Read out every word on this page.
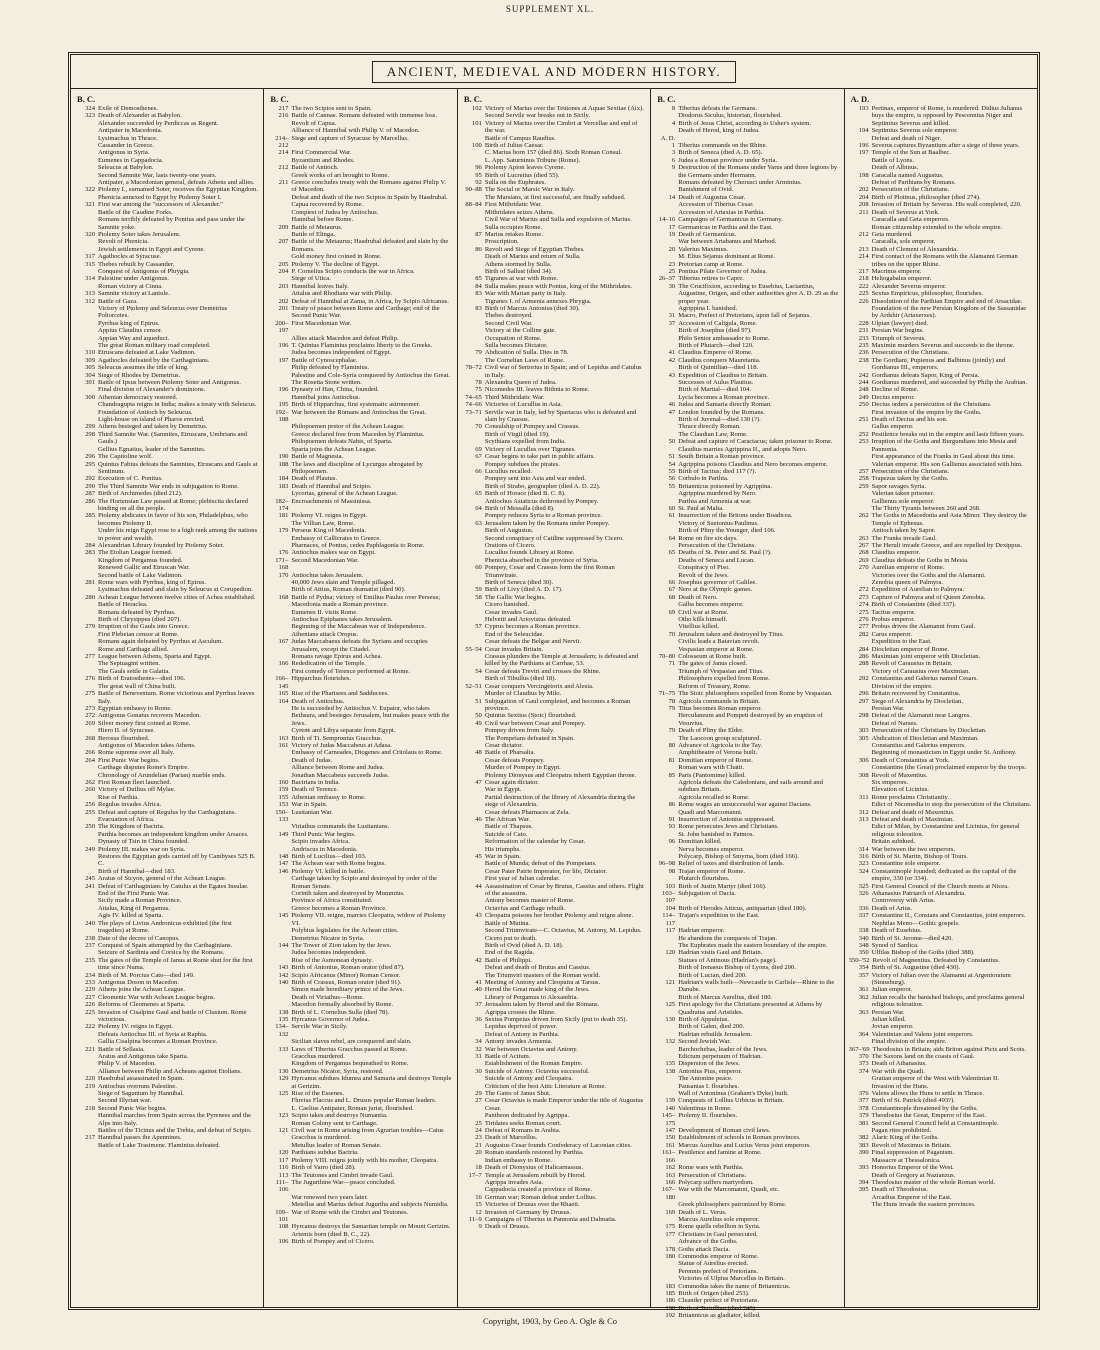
SUPPLEMENT XL.
ANCIENT, MEDIEVAL AND MODERN HISTORY.
B. C.
324 Exile of Demosthenes.
323 Death of Alexander at Babylon.
Alexander succeeded by Perdiccas as Regent.
Antipater in Macedonia.
Lysimachus in Thrace.
Cassander in Greece.
Antigonus in Syria.
Eumenes in Cappadocia.
Seleucus at Babylon.
Second Samnite War, lasts twenty-one years.
Antipater, a Macedonian general, defeats Athens and allies.
322 Ptolemy I., surnamed Soter, receives the Egyptian Kingdom.
Phenicia annexed to Egypt by Ptolemy Soter I.
321 First war among the "successors of Alexander."
Battle of the Caudine Forks.
Romans terribly defeated by Pontius and pass under the Samnite yoke.
320 Ptolemy Soter takes Jerusalem.
Revolt of Phenicia.
Jewish settlements in Egypt and Cyrene.
317 Agathocles at Syracuse.
315 Thebes rebuilt by Cassander.
Conquest of Antigonus of Phrygia.
314 Palestine under Antigonus.
Roman victory at Cinna.
313 Samnite victory at Lantule.
312 Battle of Gaza.
Victory of Ptolemy and Seleucus over Demetrius Poliorcetes.
Pyrrhus king of Epirus.
Appius Claudius censor.
Appian Way and aqueduct.
The great Roman military road completed.
310 Etruscans defeated at Lake Vadimon.
309 Agathocles defeated by the Carthaginians.
305 Seleucus assumes the title of king.
304 Siege of Rhodes by Demetrius.
301 Battle of Ipsus between Ptolemy Soter and Antigonus.
Final division of Alexander's dominions.
300 Athenian democracy restored.
Chandragupta reigns in India; makes a treaty with Seleucus.
Foundation of Antioch by Seleucus.
Light-house on island of Pharos erected.
299 Athens besieged and taken by Demetrius.
298 Third Samnite War. (Samnites, Etruscans, Umbrians and Gauls.)
Gellius Egnatius, leader of the Samnites.
296 The Capitoline wolf.
295 Quintus Fabius defeats the Samnites, Etruscans and Gauls at Sentinum.
292 Execution of C. Pontius.
290 The Third Samnite War ends in subjugation to Rome.
287 Birth of Archimedes (died 212).
286 The Hortensian Law passed at Rome; plebiscita declared binding on all the people.
285 Ptolemy abdicates in favor of his son, Philadelphus, who becomes Ptolemy II.
Under his reign Egypt rose to a high rank among the nations in power and wealth.
284 Alexandrian Library founded by Ptolemy Soter.
283 The Etolian League formed.
Kingdom of Pergamus founded.
Renewed Gallic and Etruscan War.
Second battle of Lake Vadimon.
281 Rome wars with Pyrrhus, king of Epirus.
Lysimachus defeated and slain by Seleucus at Corupedion.
280 Achean League between twelve cities of Achea established.
Battle of Heraclea.
Romans defeated by Pyrrhus.
Birth of Chrysippus (died 207).
279 Irruption of the Gauls into Greece.
First Plebeian censor at Rome.
Romans again defeated by Pyrrhus at Asculum.
Rome and Carthage allied.
277 League between Athens, Sparta and Egypt.
The Septuagint written.
The Gauls settle in Galatia.
276 Birth of Eratosthenes—died 196.
The great wall of China built.
275 Battle of Beneventum. Rome victorious and Pyrrhus leaves Italy.
273 Egyptian embassy to Rome.
272 Antigonus Gonatus recovers Macedon.
269 Silver money first coined at Rome.
Hiero II. of Syracuse.
268 Berosus flourished.
Antigonus of Macedon takes Athens.
266 Rome supreme over all Italy.
264 First Punic War begins.
Carthage disputes Rome's Empire.
Chronology of Arundelian (Parian) marble ends.
262 First Roman fleet launched.
260 Victory of Duilius off Mylae.
Rise of Parthia.
256 Regulus invades Africa.
255 Defeat and capture of Regulus by the Carthaginians.
Evacuation of Africa.
250 The Kingdom of Bactria.
Parthia becomes an independent kingdom under Arsaces.
Dynasty of Tsin in China founded.
249 Ptolemy III. makes war on Syria.
Restores the Egyptian gods carried off by Cambyses 525 B. C.
Birth of Hannibal—died 183.
245 Aratus of Sicyon, general of the Achean League.
241 Defeat of Carthaginians by Catulus at the Egates Insulae.
End of the First Punic War.
Sicily made a Roman Province.
Attalus, King of Pergamus.
Agis IV. killed at Sparta.
240 The plays of Livius Andronicus exhibited (the first tragedies) at Rome.
238 Date of the decree of Canopus.
237 Conquest of Spain attempted by the Carthaginians.
Seizure of Sardinia and Corsica by the Romans.
235 The gates of the Temple of Janus at Rome shut for the first time since Numa.
234 Birth of M. Porcius Cato—died 149.
233 Antigonus Doson in Macedon.
229 Athens joins the Achean League.
227 Cleomenic War with Achean League begins.
226 Reforms of Cleomenes at Sparta.
225 Invasion of Cisalpine Gaul and battle of Clusium. Rome victorious.
222 Ptolemy IV. reigns in Egypt.
Defeats Antiochus III. of Syria at Raphia.
Gallia Cisalpina becomes a Roman Province.
221 Battle of Sellasia.
Aratus and Antigonus take Sparta.
Philip V. of Macedon.
Alliance between Philip and Acheans against Etolians.
220 Hasdrubal assassinated in Spain.
219 Antiochus overruns Palestine.
Siege of Saguntum by Hannibal.
Second Illyrian war.
218 Second Punic War begins.
Hannibal marches from Spain across the Pyrenees and the Alps into Italy.
Battles of the Ticinus and the Trebia, and defeat of Scipio.
217 Hannibal passes the Apennines.
Battle of Lake Trasimene. Flaminius defeated.
B. C.
217 The two Scipios sent to Spain.
216 Battle of Cannae. Romans defeated with immense loss.
Revolt of Capua.
Alliance of Hannibal with Philip V. of Macedon.
214–212
Siege and capture of Syracuse by Marcellus.
214 First Commercial War.
Byzantium and Rhodes.
212 Battle of Antioch.
Greek works of art brought to Rome.
211 Greece concludes treaty with the Romans against Philip V. of Macedon.
Defeat and death of the two Scipios in Spain by Hasdrubal.
Capua recovered by Rome.
Conquest of Judea by Antiochus.
Hannibal before Rome.
209 Battle of Metaurus.
Battle of Elinga.
207 Battle of the Metaurus; Hasdrubal defeated and slain by the Romans.
Gold money first coined in Rome.
205 Ptolemy V. The decline of Egypt.
204 P. Cornelius Scipio conducts the war in Africa.
Siege of Utica.
203 Hannibal leaves Italy.
Attalus and Rhodians war with Philip.
202 Defeat of Hannibal at Zama, in Africa, by Scipio Africanus.
201 Treaty of peace between Rome and Carthage; end of the Second Punic War.
200–197
First Macedonian War.
Allies attack Macedon and defeat Philip.
196 T. Quintus Flaminius proclaims liberty to the Greeks.
Judea becomes independent of Egypt.
197 Battle of Cynoscephalae.
Philip defeated by Flaminius.
Palestine and Cole-Syria conquered by Antiochus the Great.
The Rosetta Stone written.
196 Dynasty of Han, China, founded.
Hannibal joins Antiochus.
195 Birth of Hipparchus, first systematic astronomer.
192–188
War between the Romans and Antiochus the Great.
Philopoemen pretor of the Achean League.
Greece declared free from Macedon by Flaminius.
Philopoemen defeats Nabis, of Sparta.
Sparta joins the Achean League.
190 Battle of Magnesia.
188 The laws and discipline of Lycurgus abrogated by Philopoemen.
184 Death of Plautus.
183 Death of Hannibal and Scipio.
Lycortas, general of the Achean League.
182–174
Encroachments of Massinissa.
181 Ptolemy VI. reigns in Egypt.
The Villian Law, Rome.
179 Perseus King of Macedonia.
Embassy of Callicrates to Greece.
Pharnaces, of Pontus, cedes Paphlagonia to Rome.
176 Antiochus makes war on Egypt.
171–168
Second Macedonian War.
170 Antiochus takes Jerusalem.
40,000 Jews slain and Temple pillaged.
Birth of Attius, Roman dramatist (died 90).
168 Battle of Pydna; victory of Emilius Paulus over Perseus; Macedonia made a Roman province.
Eumenes II. visits Rome.
Antiochus Epiphanes takes Jerusalem.
Beginning of the Maccabean war of Independence.
Athenians attack Oropus.
167 Judas Maccabaeus defeats the Syrians and occupies Jerusalem, except the Citadel.
Romans ravage Epirus and Achea.
166 Rededication of the Temple.
First comedy of Terence performed at Rome.
166–145
Hipparchus flourishes.
165 Rise of the Pharisees and Sadducees.
164 Death of Antiochus.
He is succeeded by Antiochus V. Eupator, who takes Bethsura, and besieges Jerusalem, but makes peace with the Jews.
Cyrene and Libya separate from Egypt.
163 Birth of Ti. Sempronius Gracchus.
161 Victory of Judas Maccabeus at Adasa.
Embassy of Carneades, Diogenes and Critolaus to Rome.
Death of Judas.
Alliance between Rome and Judea.
Jonathan Maccabeus succeeds Judas.
160 Bactrians in India.
159 Death of Terence.
155 Athenian embassy to Rome.
153 War in Spain.
150–133
Lusitanian War.
Viriathus commands the Lusitanians.
149 Third Punic War begins.
Scipio invades Africa.
Andriscus in Macedonia.
148 Birth of Lucilius—died 103.
147 The Achean war with Rome begins.
146 Ptolemy VI. killed in battle.
Carthage taken by Scipio and destroyed by order of the Roman Senate.
Corinth taken and destroyed by Mummius.
Province of Africa constituted.
Greece becomes a Roman Province.
145 Ptolemy VII. reigns, marries Cleopatra, widow of Ptolemy VI.
Polybius legislates for the Achean cities.
Demetrius Nicator in Syria.
144 The Tower of Zion taken by the Jews.
Judea becomes independent.
Rise of the Asmonean dynasty.
143 Birth of Antonius, Roman orator (died 87).
142 Scipio Africanus (Minor) Roman Censor.
140 Birth of Crassus, Roman orator (died 91).
Simon made hereditary prince of the Jews.
Death of Viriathus—Rome.
Macedon formally absorbed by Rome.
138 Birth of L. Cornelius Sulla (died 78).
135 Hyrcanus Governor of Judea.
134–132
Servile War in Sicily.
Sicilian slaves rebel, are conquered and slain.
133 Laws of Tiberius Gracchus passed at Rome.
Gracchus murdered.
Kingdom of Pergamus bequeathed to Rome.
130 Demetrius Nicator, Syria, restored.
129 Hyrcanus subdues Idumea and Samaria and destroys Temple at Gerizim.
125 Rise of the Essenes.
Fluvius Flaccus and L. Drusus popular Roman leaders.
L. Caelius Antipater, Roman jurist, flourished.
123 Scipio takes and destroys Numantia.
Roman Colony sent to Carthage.
121 Civil war in Rome arising from Agrarian troubles—Caius Gracchus is murdered.
Metullus leader of Roman Senate.
120 Parthians subdue Bactria.
117 Ptolemy VIII. reigns jointly with his mother, Cleopatra.
116 Birth of Varro (died 28).
113 The Teutones and Cimbri invade Gaul.
111–106
The Jugurthine War—peace concluded.
War renewed two years later.
Metellus and Marius defeat Jugurtha and subjects Numidia.
109–101
War of Rome with the Cimbri and Teutones.
108 Hyrcanus destroys the Samaritan temple on Mount Gerizim.
Artemis born (died B. C., 22).
106 Birth of Pompey and of Cicero.
B. C.
102 Victory of Marius over the Teutones at Aquae Sextiae (Aix).
Second Servile war breaks out in Sicily.
101 Victory of Marius over the Cimbri at Vercellae and end of the war.
Battle of Campus Raudius.
100 Birth of Julius Caesar.
C. Marius born 157 (died 86). Sixth Roman Consul.
L. App. Saturninus Tribune (Rome).
96 Ptolemy Apion leaves Cyrene.
95 Birth of Lucretius (died 55).
92 Sulla on the Euphrates.
90–88 The Social or Marsic War in Italy.
The Marsians, at first successful, are finally subdued.
88–84 First Mithridatic War.
Mithridates seizes Athens.
Civil War of Marius and Sulla and expulsion of Marius.
Sulla occupies Rome.
87 Marius retakes Rome.
Proscription.
86 Revolt and Siege of Egyptian Thebes.
Death of Marius and return of Sulla.
Athens stormed by Sulla.
Birth of Sallust (died 34).
85 Tigranes at war with Rome.
84 Sulla makes peace with Pontus, king of the Mithridates.
83 War with Marian party in Italy.
Tigranes I. of Armenia annexes Phrygia.
83 Birth of Marcus Antonius (died 30).
Thebes destroyed.
Second Civil War.
Victory at the Colline gate.
Occupation of Rome.
Sulla becomes Dictator.
79 Abdication of Sulla. Dies in 78.
The Cornelian Laws of Rome.
78–72 Civil war of Sertorius in Spain; and of Lepidus and Catulus in Italy.
78 Alexandra Queen of Judea.
75 Nicomedes III. leaves Bithnia to Rome.
74–65 Third Mithridatic War.
74–66 Victories of Lucullus in Asia.
73–71 Servile war in Italy, led by Spartacus who is defeated and slain by Crassus.
70 Consulship of Pompey and Crassus.
Birth of Virgil (died 19).
Scythians expelled from India.
69 Victory of Lucullus over Tigranes.
67 Cesar begins to take part in public affairs.
Pompey subdues the pirates.
66 Lucullus recalled.
Pompey sent into Asia and war ended.
Birth of Strabo, geographer (died A. D. 22).
65 Birth of Horace (died B. C. 8).
Antiochus Asiaticus dethroned by Pompey.
64 Birth of Messalla (died 8).
Pompey reduces Syria to a Roman province.
63 Jerusalem taken by the Romans under Pompey.
Birth of Augustus.
Second conspiracy of Catiline suppressed by Cicero.
Orations of Cicero.
Lucullus founds Library at Rome.
Phenicia absorbed in the province of Syria.
60 Pompey, Cesar and Crassus form the first Roman Triumvirate.
Birth of Seneca (died 30).
59 Birth of Livy (died A. D. 17).
58 The Gallic War begins.
Cicero banished.
Cesar invades Gaul.
Helvetii and Ariovistus defeated.
57 Cyprus becomes a Roman province.
End of the Seleucidae.
Cesar defeats the Belgae and Nervii.
55–54 Cesar invades Britain.
Crassus plunders the Temple at Jerusalem; is defeated and killed by the Parthians at Carrhae, 53.
54 Cesar defeats Treviri and crosses the Rhine.
Birth of Tibullus (died 18).
52–51 Cesar conquers Vercingetorix and Alesia.
Murder of Claudius by Milo.
51 Subjugation of Gaul completed, and becomes a Roman province.
50 Quintus Sextius (Stoic) flourished.
49 Civil war between Cesar and Pompey.
Pompey driven from Italy.
The Pompeians defeated in Spain.
Cesar dictator.
48 Battle of Pharsalia.
Cesar defeats Pompey.
Murder of Pompey in Egypt.
Ptolemy Dionysus and Cleopatra inherit Egyptian throne.
47 Cesar again dictator.
War in Egypt.
Partial destruction of the library of Alexandria during the siege of Alexandria.
Cesar defeats Pharnaces at Zela.
46 The African War.
Battle of Thapsus.
Suicide of Cato.
Reformation of the calendar by Cesar.
His triumphs.
45 War in Spain.
Battle of Munda; defeat of the Pompeians.
Cesar Pater Patrie Imperator, for life, Dictator.
First year of Julian calendar.
44 Assassination of Cesar by Brutus, Cassius and others. Flight of the assassins.
Antony becomes master of Rome.
Octavius and Carthage rebuilt.
43 Cleopatra poisons her brother Ptolemy and reigns alone.
Battle of Mutina.
Second Triumvirate—C. Octavius, M. Antony, M. Lepidus.
Cicero put to death.
Birth of Ovid (died A. D. 18).
End of the Ragida.
42 Battle of Philippi.
Defeat and death of Brutus and Cassius.
The Triumviri masters of the Roman world.
41 Meeting of Antony and Cleopatra at Tarsus.
40 Herod the Great made king of the Jews.
Library of Pergamus to Alexandria.
37 Jerusalem taken by Herod and the Romans.
Agrippa crosses the Rhine.
36 Sextus Pompeius driven from Sicily (put to death 35).
Lepidus deprived of power.
Defeat of Antony in Parthia.
34 Antony invades Armenia.
32 War between Octavius and Antony.
31 Battle of Actium.
Establishment of the Roman Empire.
30 Suicide of Antony. Octavius successful.
Suicide of Antony and Cleopatra.
Criticism of the best Attic Literature at Rome.
29 The Gates of Janus Shut.
27 Cesar Octavius is made Emperor under the title of Augustus Cesar.
Pantheon dedicated by Agrippa.
25 Tiridates seeks Roman court.
24 Defeat of Romans in Arabia.
23 Death of Marcellus.
21 Augustus Cesar founds Confederacy of Laconian cities.
20 Roman standards restored by Parthia.
Indian embassy to Rome.
18 Death of Dionysius of Halicarnassus.
17–7 Temple at Jerusalem rebuilt by Herod.
Agrippa invades Asia.
Cappadocia created a province of Rome.
16 German war; Roman defeat under Lollius.
15 Victories of Drusus over the Rhaeti.
12 Invasion of Germany by Drusus.
11–9 Campaigns of Tiberius in Pannonia and Dalmatia.
9 Death of Drusus.
B. C.
8 Tiberius defeats the Germans.
Diodorus Siculus, historian, flourished.
4 Birth of Jesus Christ, according to Usher's system.
Death of Herod, king of Judea.
A. D.
1 Tiberius commands on the Rhine.
3 Birth of Seneca (died A. D. 65).
6 Judea a Roman province under Syria.
9 Destruction of the Romans under Varus and three legions by the Germans under Hermann.
Romans defeated by Cherusci under Arminius.
Banishment of Ovid.
14 Death of Augustus Cesar.
Accession of Tiberius Cesar.
Accession of Artaxias in Parthia.
14–16 Campaigns of Germanicus in Germany.
17 Germanicus in Parthia and the East.
19 Death of Germanicus.
War between Artabanus and Marbod.
20 Valerius Maximus.
M. Elius Sejanus dominant at Rome.
23 Pretorian camp at Rome.
25 Pontius Pilate Governor of Judea.
26–37 Tiberius retires to Capre.
30 The Crucifixion, according to Eusebius, Lactantius, Augustine, Origen, and other authorities give A. D. 29 as the proper year.
Agrippina I. banished.
31 Macro, Prefect of Pretorians, upon fall of Sejanus.
37 Accession of Caligula, Rome.
Birth of Josephus (died 97).
Philo Senior ambassador to Rome.
Birth of Plutarch—died 120.
41 Claudius Emperor of Rome.
42 Claudius conquers Mauretania.
Birth of Quintilian—died 118.
43 Expedition of Claudius to Britain.
Successes of Aulus Plautius.
Birth of Martial—died 104.
Lycia becomes a Roman province.
46 Judea and Samaria directly Roman.
47 London founded by the Romans.
Birth of Juvenal—died 130 (?).
Thrace directly Roman.
The Claudian Law, Rome.
50 Defeat and capture of Caractacus; taken prisoner to Rome.
Claudius marries Agrippina II., and adopts Nero.
51 South Britain a Roman province.
54 Agrippina poisons Claudius and Nero becomes emperor.
55 Birth of Tacitus; died 117 (?).
56 Corbulo in Parthia.
55 Britannicus poisoned by Agrippina.
Agrippina murdered by Nero.
Parthia and Armenia at war.
60 St. Paul at Malta.
61 Insurrection of the Britons under Boadicea.
Victory of Suetonius Paulinus.
Birth of Pliny the Younger, died 106.
64 Rome on fire six days.
Persecution of the Christians.
65 Deaths of St. Peter and St. Paul (?).
Deaths of Seneca and Lucan.
Conspiracy of Piso.
Revolt of the Jews.
66 Josephus governor of Galilee.
67 Nero at the Olympic games.
68 Death of Nero.
Galba becomes emperor.
69 Civil war at Rome.
Otho kills himself.
Vitellius killed.
70 Jerusalem taken and destroyed by Titus.
Civilis leads a Batavian revolt.
Vespasian emperor at Rome.
70–80 Colosseum at Rome built.
71 The gates of Janus closed.
Triumph of Vespasian and Titus.
Philosophers expelled from Rome.
Reform of Treasury, Rome.
71–75 The Stoic philosophers expelled from Rome by Vespasian.
78 Agricola commands in Britain.
79 Titus becomes Roman emperor.
Herculaneum and Pompeii destroyed by an eruption of Vesuvius.
79 Death of Pliny the Elder.
The Laocoon group sculptured.
80 Advance of Agricola to the Tay.
Amphitheatre of Verona built.
81 Domitian emperor of Rome.
Roman wars with Chatti.
85 Paris (Pantomime) killed.
Agricola defeats the Caledonians, and sails around and subdues Britain.
Agricola recalled to Rome.
86 Rome wages an unsuccessful war against Dacians.
Quadi and Marcomanni.
91 Insurrection of Antonius suppressed.
93 Rome persecutes Jews and Christians.
St. John banished to Patmos.
96 Domitian killed.
Nerva becomes emperor.
Polycarp, Bishop of Smyrna, born (died 166).
96–98 Relief of taxes and distribution of lands.
98 Trajan emperor of Rome.
Plutarch flourishes.
103 Birth of Justin Martyr (died 166).
103–107
Subjugation of Dacia.
104 Birth of Herodes Atticus, antiquarian (died 180).
114–117
Trajan's expedition to the East.
117 Hadrian emperor.
He abandons the conquests of Trajan.
The Euphrates made the eastern boundary of the empire.
120 Hadrian visits Gaul and Britain.
Statues of Antinous (Hadrian's page).
Birth of Irenaeus Bishop of Lyons, died 200.
Birth of Lucian, died 200.
121 Hadrian's walls built—Newcastle to Carlisle—Rhine to the Danube.
Birth of Marcus Aurelius, died 180.
125 First apology for the Christians presented at Athens by Quadratus and Aristides.
130 Birth of Appuleius.
Birth of Galen, died 200.
Hadrian rebuilds Jerusalem.
132 Second Jewish War.
Barchochebas, leader of the Jews.
Edictum perpetuum of Hadrian.
135 Dispersion of the Jews.
138 Antonius Pius, emperor.
The Antonine peace.
Pausanias I. flourishes.
Wall of Antoninus (Graham's Dyke) built.
139 Conquests of Lollius Urbicus in Britain.
140 Valentinus in Rome.
145–175
Ptolemy II. flourishes.
147 Development of Roman civil laws.
150 Establishment of schools in Roman provinces.
161 Marcus Aurelius and Lucius Verus joint emperors.
161–166
Pestilence and famine at Rome.
162 Rome wars with Parthia.
163 Persecution of Christians.
166 Polycarp suffers martyrdom.
167–180
War with the Marcomanni, Quadi, etc.
Greek philosophers patronized by Rome.
169 Death of L. Verus.
Marcus Aurelius sole emperor.
175 Rome quells rebellion in Syria.
177 Christians in Gaul persecuted.
Advance of the Goths.
178 Goths attack Dacia.
180 Commodus emperor of Rome.
Statue of Aurelius erected.
Perennis prefect of Pretorians.
Victories of Ulpius Marcellus in Britain.
183 Commodus takes the name of Britannicus.
185 Birth of Origen (died 253).
186 Cleander prefect of Pretorians.
190 Birth of Tertullian (died 240).
192 Britannicus as gladiator, killed.
A. D.
193 Pertinax, emperor of Rome, is murdered. Didius Julianus buys the empire, is opposed by Pescennius Niger and Septimius Severus and killed.
194 Septimius Severus sole emperor.
Defeat and death of Niger.
196 Severus captures Byzantium after a siege of three years.
197 Temple of the Sun at Baalbec.
Battle of Lyons.
Death of Albinus.
198 Caracalla named Augustus.
Defeat of Parthians by Romans.
202 Persecution of the Christians.
204 Birth of Plotinus, philosopher (died 274).
208 Invasion of Britain by Severus. His wall completed, 220.
211 Death of Severus at York.
Caracalla and Geta emperors.
Roman citizenship extended to the whole empire.
212 Geta murdered.
Caracalla, sole emperor.
213 Death of Clement of Alexandria.
214 First contact of the Romans with the Alamanni German tribes on the upper Rhine.
217 Macrinus emperor.
218 Heliogabalus emperor.
222 Alexander Severus emperor.
225 Sextus Empiricus, philosopher, flourishes.
226 Dissolution of the Parthian Empire and end of Arsacidae.
Foundation of the new Persian Kingdom of the Sassanidae by Ardshir (Artaxerxes).
228 Ulpian (lawyer) died.
231 Persian War begins.
233 Triumph of Severus.
235 Maximin murders Severus and succeeds to the throne.
236 Persecution of the Christians.
238 The Gordiani, Pupienus and Balbinus (jointly) and Gordianus III., emperors.
242 Gordianus defeats Sapor, King of Persia.
244 Gordianus murdered, and succeeded by Philip the Arabian.
248 Decline of Rome.
249 Decius emperor.
250 Decius orders a persecution of the Christians.
First invasion of the empire by the Goths.
251 Death of Decius and his son.
Gallus emperor.
252 Pestilence breaks out in the empire and lasts fifteen years.
253 Irruption of the Goths and Burgundians into Mesia and Pannonia.
First appearance of the Franks in Gaul about this time.
Valerian emperor. His son Gallienus associated with him.
257 Persecution of the Christians.
258 Trapezus taken by the Goths.
259 Sapor ravages Syria.
Valerian taken prisoner.
Gallienus sole emperor.
The Thirty Tyrants between 260 and 268.
262 The Goths in Macedonia and Asia Minor. They destroy the Temple of Ephesus.
Antioch taken by Sapor.
263 The Franks invade Gaul.
267 The Heruli invade Greece, and are repelled by Dexippus.
268 Claudius emperor.
269 Claudius defeats the Goths in Mesia.
270 Aurelian emperor of Rome.
Victories over the Goths and the Alamanni.
Zenobia queen of Palmyra.
272 Expedition of Aurelian to Palmyra.
273 Capture of Palmyra and of Queen Zenobia.
274 Birth of Constantine (died 337).
275 Tacitus emperor.
276 Probus emperor.
277 Probus drives the Alamanni from Gaul.
282 Carus emperor.
Expedition to the East.
284 Diocletian emperor of Rome.
286 Maximian joint emperor with Diocletian.
288 Revolt of Carausius in Britain.
Victory of Carausius over Maximian.
292 Constantius and Galerius named Cesars.
Division of the empire.
296 Britain recovered by Constantius.
297 Siege of Alexandria by Diocletian.
Persian War.
298 Defeat of the Alamanni near Langres.
Defeat of Narses.
303 Persecution of the Christians by Diocletian.
305 Abdication of Diocletian and Maximian.
Constantius and Galerius emperors.
Beginning of monasticism in Egypt under St. Anthony.
306 Death of Constantius at York.
Constantine (the Great) proclaimed emperor by the troops.
308 Revolt of Maxentius.
Six emperors.
Elevation of Licinius.
311 Rome proclaims Christianity.
Edict of Nicomedia to stop the persecution of the Christians.
312 Defeat and death of Maxentius.
313 Defeat and death of Maximian.
Edict of Milan, by Constantine and Licinius, for general religious toleration.
Britain subdued.
314 War between the two emperors.
316 Birth of St. Martin, Bishop of Tours.
323 Constantine sole emperor.
324 Constantinople founded; dedicated as the capital of the empire, 330 (or 334).
325 First General Council of the Church meets at Nicea.
326 Athanasius Patriarch of Alexandria.
Controversy with Arius.
336 Death of Arius.
337 Constantine II., Constans and Constantius, joint emperors.
Nephilas Meno—Gothic gospels.
338 Death of Eusebius.
340 Birth of St. Jerome—died 420.
348 Synod of Sardica.
350 Ulfilas Bishop of the Goths (died 388).
350–'52 Revolt of Magnentius. Defeated by Constantius.
354 Birth of St. Augustine (died 430).
357 Victory of Julian over the Alamanni at Argentoratum (Strassburg).
361 Julian emperor.
362 Julian recalls the banished bishops, and proclaims general religious toleration.
363 Persian War.
Julian killed.
Jovian emperor.
364 Valentinian and Valens joint emperors.
Final division of the empire.
367–'69 Theodosius in Britain; aids Briton against Picts and Scots.
370 The Saxons land on the coasts of Gaul.
373 Death of Athanasius.
374 War with the Quadi.
Gratian emperor of the West with Valentinian II.
Invasion of the Huns.
376 Valens allows the Huns to settle in Thrace.
377 Birth of St. Patrick (died 493?).
378 Constantinople threatened by the Goths.
379 Theodosius the Great, Emperor of the East.
381 Second General Council held at Constantinople.
Pagan rites prohibited.
382 Alaric King of the Goths.
383 Revolt of Maximus in Britain.
390 Final suppression of Paganism.
Massacre at Thessalonica.
393 Honorius Emperor of the West.
Death of Gregory at Nazianzus.
394 Theodosius master of the whole Roman world.
395 Death of Theodosius.
Arcadius Emperor of the East.
The Huns invade the eastern provinces.
Copyright, 1903, by Geo A. Ogle & Co
